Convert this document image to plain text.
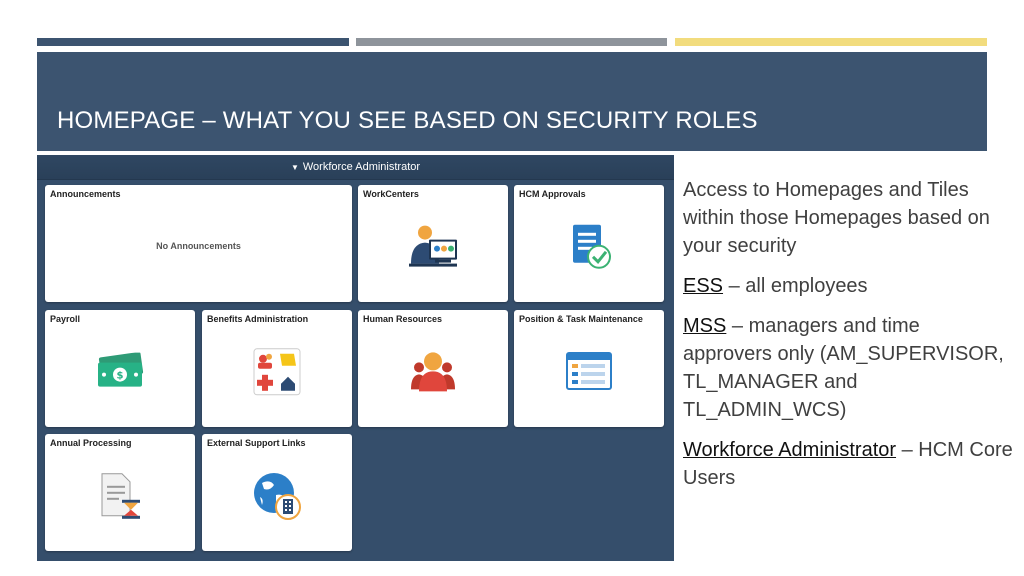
HOMEPAGE – WHAT YOU SEE BASED ON SECURITY ROLES
▼ Workforce Administrator
Announcements
No Announcements
WorkCenters	HCM Approvals
Payroll
$
Benefits Administration	Human Resources	Position & Task Maintenance
Annual Processing	External Support Links

Access to Homepages and Tiles within those Homepages based on your security

ESS – all employees

MSS – managers and time approvers only (AM_SUPERVISOR, TL_MANAGER and TL_ADMIN_WCS)

Workforce Administrator – HCM Core Users
